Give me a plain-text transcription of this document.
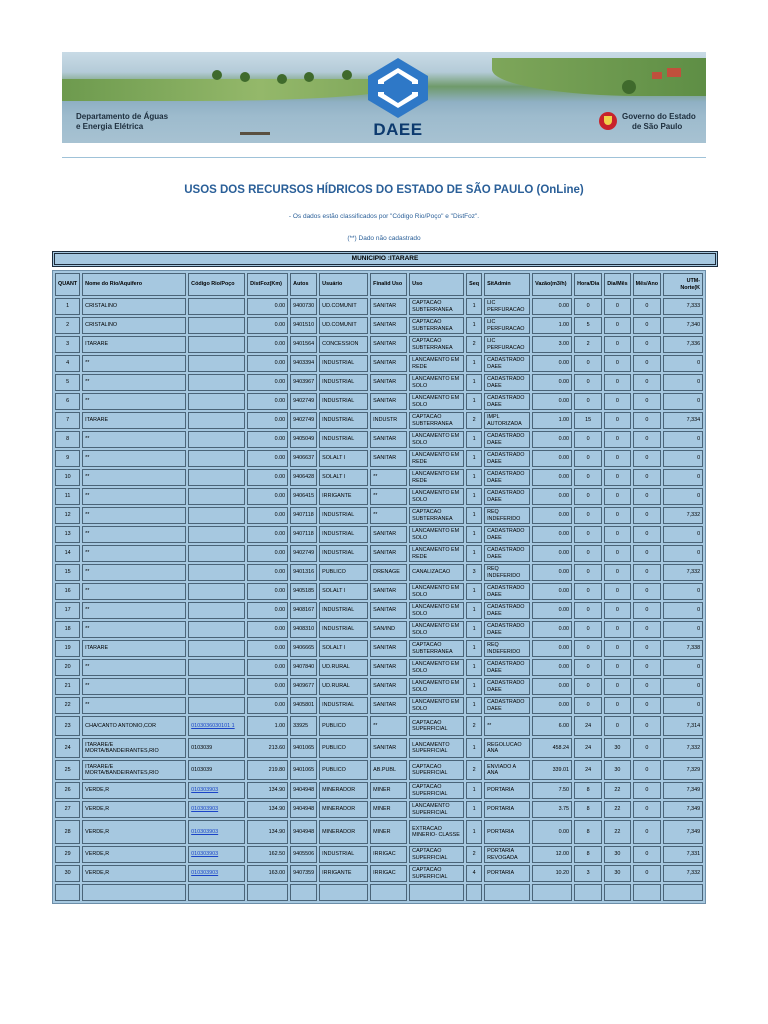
Departamento de Águas
e Energia Elétrica	DAEE
Governo do Estado
de São Paulo
USOS DOS RECURSOS HÍDRICOS DO ESTADO DE SÃO PAULO (OnLine)
- Os dados estão classificados por "Código Rio/Poço" e "DistFoz".
(**) Dado não cadastrado
MUNICIPIO :ITARARE
QUANT	Nome do Rio/Aquifero	Código Rio/Poço	DistFoz(Km)	Autos	Usuário	Finalid Uso	Uso	Seq	SitAdmin	Vazão(m3/h)	Hora/Dia	Dia/Mês	Mês/Ano	UTM- Norte(K
1	CRISTALINO		0.00	9400730	UD.COMUNIT	SANITAR	CAPTACAO SUBTERRANEA	1	LIC PERFURACAO	0.00	0	0	0	7,333
2	CRISTALINO		0.00	9401510	UD.COMUNIT	SANITAR	CAPTACAO SUBTERRANEA	1	LIC PERFURACAO	1.00	5	0	0	7,340
3	ITARARE		0.00	9401564	CONCESSION	SANITAR	CAPTACAO SUBTERRANEA	2	LIC PERFURACAO	3.00	2	0	0	7,336
4	**		0.00	9403394	INDUSTRIAL	SANITAR	LANCAMENTO EM REDE	1	CADASTRADO DAEE	0.00	0	0	0	0
5	**		0.00	9403967	INDUSTRIAL	SANITAR	LANCAMENTO EM SOLO	1	CADASTRADO DAEE	0.00	0	0	0	0
6	**		0.00	9402749	INDUSTRIAL	SANITAR	LANCAMENTO EM SOLO	1	CADASTRADO DAEE	0.00	0	0	0	0
7	ITARARE		0.00	9402749	INDUSTRIAL	INDUSTR	CAPTACAO SUBTERRANEA	2	IMPL AUTORIZADA	1.00	15	0	0	7,334
8	**		0.00	9405049	INDUSTRIAL	SANITAR	LANCAMENTO EM SOLO	1	CADASTRADO DAEE	0.00	0	0	0	0
9	**		0.00	9406637	SOLALT I	SANITAR	LANCAMENTO EM REDE	1	CADASTRADO DAEE	0.00	0	0	0	0
10	**		0.00	9406428	SOLALT I	**	LANCAMENTO EM REDE	1	CADASTRADO DAEE	0.00	0	0	0	0
11	**		0.00	9406415	IRRIGANTE	**	LANCAMENTO EM SOLO	1	CADASTRADO DAEE	0.00	0	0	0	0
12	**		0.00	9407118	INDUSTRIAL	**	CAPTACAO SUBTERRANEA	1	REQ INDEFERIDO	0.00	0	0	0	7,332
13	**		0.00	9407118	INDUSTRIAL	SANITAR	LANCAMENTO EM SOLO	1	CADASTRADO DAEE	0.00	0	0	0	0
14	**		0.00	9402749	INDUSTRIAL	SANITAR	LANCAMENTO EM REDE	1	CADASTRADO DAEE	0.00	0	0	0	0
15	**		0.00	9401316	PUBLICO	DRENAGE	CANALIZACAO	3	REQ INDEFERIDO	0.00	0	0	0	7,332
16	**		0.00	9405185	SOLALT I	SANITAR	LANCAMENTO EM SOLO	1	CADASTRADO DAEE	0.00	0	0	0	0
17	**		0.00	9408167	INDUSTRIAL	SANITAR	LANCAMENTO EM SOLO	1	CADASTRADO DAEE	0.00	0	0	0	0
18	**		0.00	9408310	INDUSTRIAL	SAN/IND	LANCAMENTO EM SOLO	1	CADASTRADO DAEE	0.00	0	0	0	0
19	ITARARE		0.00	9406665	SOLALT I	SANITAR	CAPTACAO SUBTERRANEA	1	REQ INDEFERIDO	0.00	0	0	0	7,338
20	**		0.00	9407840	UD.RURAL	SANITAR	LANCAMENTO EM SOLO	1	CADASTRADO DAEE	0.00	0	0	0	0
21	**		0.00	9409677	UD.RURAL	SANITAR	LANCAMENTO EM SOLO	1	CADASTRADO DAEE	0.00	0	0	0	0
22	**		0.00	9405801	INDUSTRIAL	SANITAR	LANCAMENTO EM SOLO	1	CADASTRADO DAEE	0.00	0	0	0	0
23	CHA/CANTO ANTONIO,COR	0103036030101 1	1.00	33925	PUBLICO	**	CAPTACAO SUPERFICIAL	2	**	6.00	24	0	0	7,314
24	ITARARE/E MORTA/BANDEIRANTES,RIO	0103039	213.60	9401065	PUBLICO	SANITAR	LANCAMENTO SUPERFICIAL	1	REGOLUCAO ANA	458.24	24	30	0	7,332
25	ITARARE/E MORTA/BANDEIRANTES,RIO	0103039	219.80	9401065	PUBLICO	AB.PUBL	CAPTACAO SUPERFICIAL	2	ENVIADO A ANA	339.01	24	30	0	7,329
26	VERDE,R	010303903	134.90	9404948	MINERADOR	MINER	CAPTACAO SUPERFICIAL	1	PORTARIA	7.50	8	22	0	7,349
27	VERDE,R	010303903	134.90	9404948	MINERADOR	MINER	LANCAMENTO SUPERFICIAL	1	PORTARIA	3.75	8	22	0	7,349
28	VERDE,R	010303903	134.90	9404948	MINERADOR	MINER	EXTRACAO MINERIO- CLASSE	1	PORTARIA	0.00	8	22	0	7,349
29	VERDE,R	010303903	162.50	9405506	INDUSTRIAL	IRRIGAC	CAPTACAO SUPERFICIAL	2	PORTARIA REVOGADA	12.00	8	30	0	7,331
30	VERDE,R	010303903	163.00	9407359	IRRIGANTE	IRRIGAC	CAPTACAO SUPERFICIAL	4	PORTARIA	10.20	3	30	0	7,332
